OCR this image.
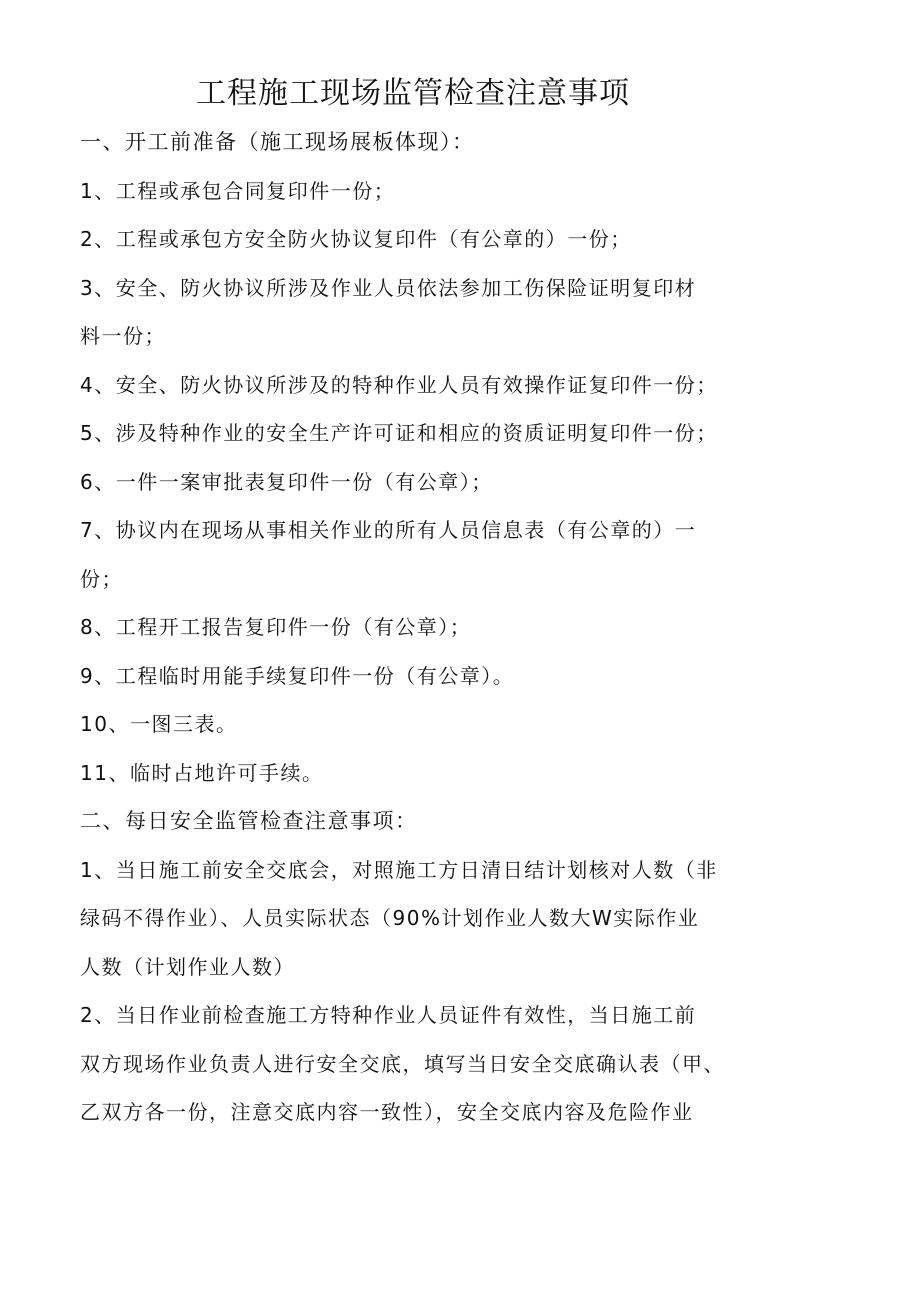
工程施工现场监管检查注意事项

一、开工前准备（施工现场展板体现）：

1、工程或承包合同复印件一份；

2、工程或承包方安全防火协议复印件（有公章的）一份；

3、安全、防火协议所涉及作业人员依法参加工伤保险证明复印材

料一份；

4、安全、防火协议所涉及的特种作业人员有效操作证复印件一份；

5、涉及特种作业的安全生产许可证和相应的资质证明复印件一份；

6、一件一案审批表复印件一份（有公章）；

7、协议内在现场从事相关作业的所有人员信息表（有公章的）一

份；

8、工程开工报告复印件一份（有公章）；

9、工程临时用能手续复印件一份（有公章）。

10、一图三表。

11、临时占地许可手续。

二、每日安全监管检查注意事项：

1、当日施工前安全交底会，对照施工方日清日结计划核对人数（非

绿码不得作业）、人员实际状态（90%计划作业人数大W实际作业

人数（计划作业人数）

2、当日作业前检查施工方特种作业人员证件有效性，当日施工前

双方现场作业负责人进行安全交底，填写当日安全交底确认表（甲、

乙双方各一份，注意交底内容一致性），安全交底内容及危险作业
